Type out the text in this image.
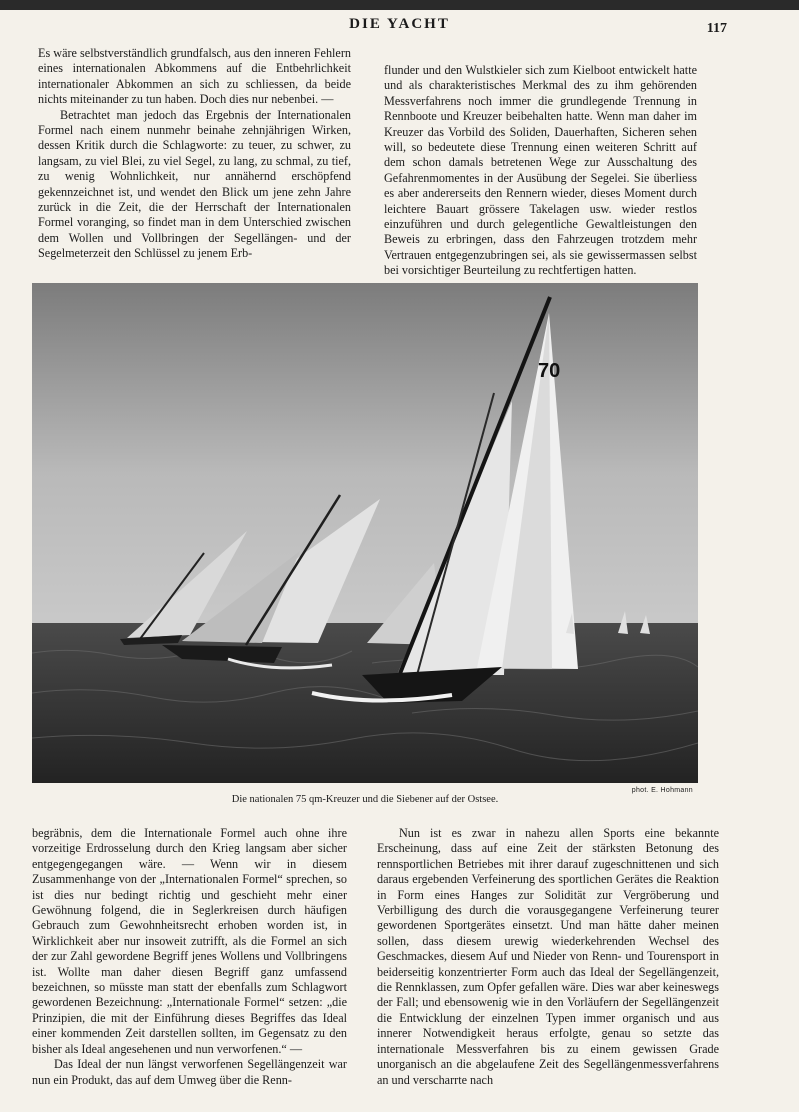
DIE YACHT	117

Es wäre selbstverständlich grundfalsch, aus den inneren Fehlern eines internationalen Abkommens auf die Entbehrlichkeit internationaler Abkommen an sich zu schliessen, da beide nichts miteinander zu tun haben. Doch dies nur nebenbei. —

Betrachtet man jedoch das Ergebnis der Internationalen Formel nach einem nunmehr beinahe zehnjährigen Wirken, dessen Kritik durch die Schlagworte: zu teuer, zu schwer, zu langsam, zu viel Blei, zu viel Segel, zu lang, zu schmal, zu tief, zu wenig Wohnlichkeit, nur annähernd erschöpfend gekennzeichnet ist, und wendet den Blick um jene zehn Jahre zurück in die Zeit, die der Herrschaft der Internationalen Formel voranging, so findet man in dem Unterschied zwischen dem Wollen und Vollbringen der Segellängen- und der Segelmeterzeit den Schlüssel zu jenem Erb-

flunder und den Wulstkieler sich zum Kielboot entwickelt hatte und als charakteristisches Merkmal des zu ihm gehörenden Messverfahrens noch immer die grundlegende Trennung in Rennboote und Kreuzer beibehalten hatte. Wenn man daher im Kreuzer das Vorbild des Soliden, Dauerhaften, Sicheren sehen will, so bedeutete diese Trennung einen weiteren Schritt auf dem schon damals betretenen Wege zur Ausschaltung des Gefahrenmomentes in der Ausübung der Segelei. Sie überliess es aber andererseits den Rennern wieder, dieses Moment durch leichtere Bauart grössere Takelagen usw. wieder restlos einzuführen und durch gelegentliche Gewaltleistungen den Beweis zu erbringen, dass den Fahrzeugen trotzdem mehr Vertrauen entgegenzubringen sei, als sie gewissermassen selbst bei vorsichtiger Beurteilung zu rechtfertigen hatten.

70
phot. E. Hohmann
Die nationalen 75 qm-Kreuzer und die Siebener auf der Ostsee.

begräbnis, dem die Internationale Formel auch ohne ihre vorzeitige Erdrosselung durch den Krieg langsam aber sicher entgegengegangen wäre. — Wenn wir in diesem Zusammenhange von der „Internationalen Formel“ sprechen, so ist dies nur bedingt richtig und geschieht mehr einer Gewöhnung folgend, die in Seglerkreisen durch häufigen Gebrauch zum Gewohnheitsrecht erhoben worden ist, in Wirklichkeit aber nur insoweit zutrifft, als die Formel an sich der zur Zahl gewordene Begriff jenes Wollens und Vollbringens ist. Wollte man daher diesen Begriff ganz umfassend bezeichnen, so müsste man statt der ebenfalls zum Schlagwort gewordenen Bezeichnung: „Internationale Formel“ setzen: „die Prinzipien, die mit der Einführung dieses Begriffes das Ideal einer kommenden Zeit darstellen sollten, im Gegensatz zu den bisher als Ideal angesehenen und nun verworfenen.“ —

Das Ideal der nun längst verworfenen Segellängenzeit war nun ein Produkt, das auf dem Umweg über die Renn-

Nun ist es zwar in nahezu allen Sports eine bekannte Erscheinung, dass auf eine Zeit der stärksten Betonung des rennsportlichen Betriebes mit ihrer darauf zugeschnittenen und sich daraus ergebenden Verfeinerung des sportlichen Gerätes die Reaktion in Form eines Hanges zur Solidität zur Vergröberung und Verbilligung des durch die vorausgegangene Verfeinerung teurer gewordenen Sportgerätes einsetzt. Und man hätte daher meinen sollen, dass diesem urewig wiederkehrenden Wechsel des Geschmackes, diesem Auf und Nieder von Renn- und Tourensport in beiderseitig konzentrierter Form auch das Ideal der Segellängenzeit, die Rennklassen, zum Opfer gefallen wäre. Dies war aber keineswegs der Fall; und ebensowenig wie in den Vorläufern der Segellängenzeit die Entwicklung der einzelnen Typen immer organisch und aus innerer Notwendigkeit heraus erfolgte, genau so setzte das internationale Messverfahren bis zu einem gewissen Grade unorganisch an die abgelaufene Zeit des Segellängenmessverfahrens an und verscharrte nach
